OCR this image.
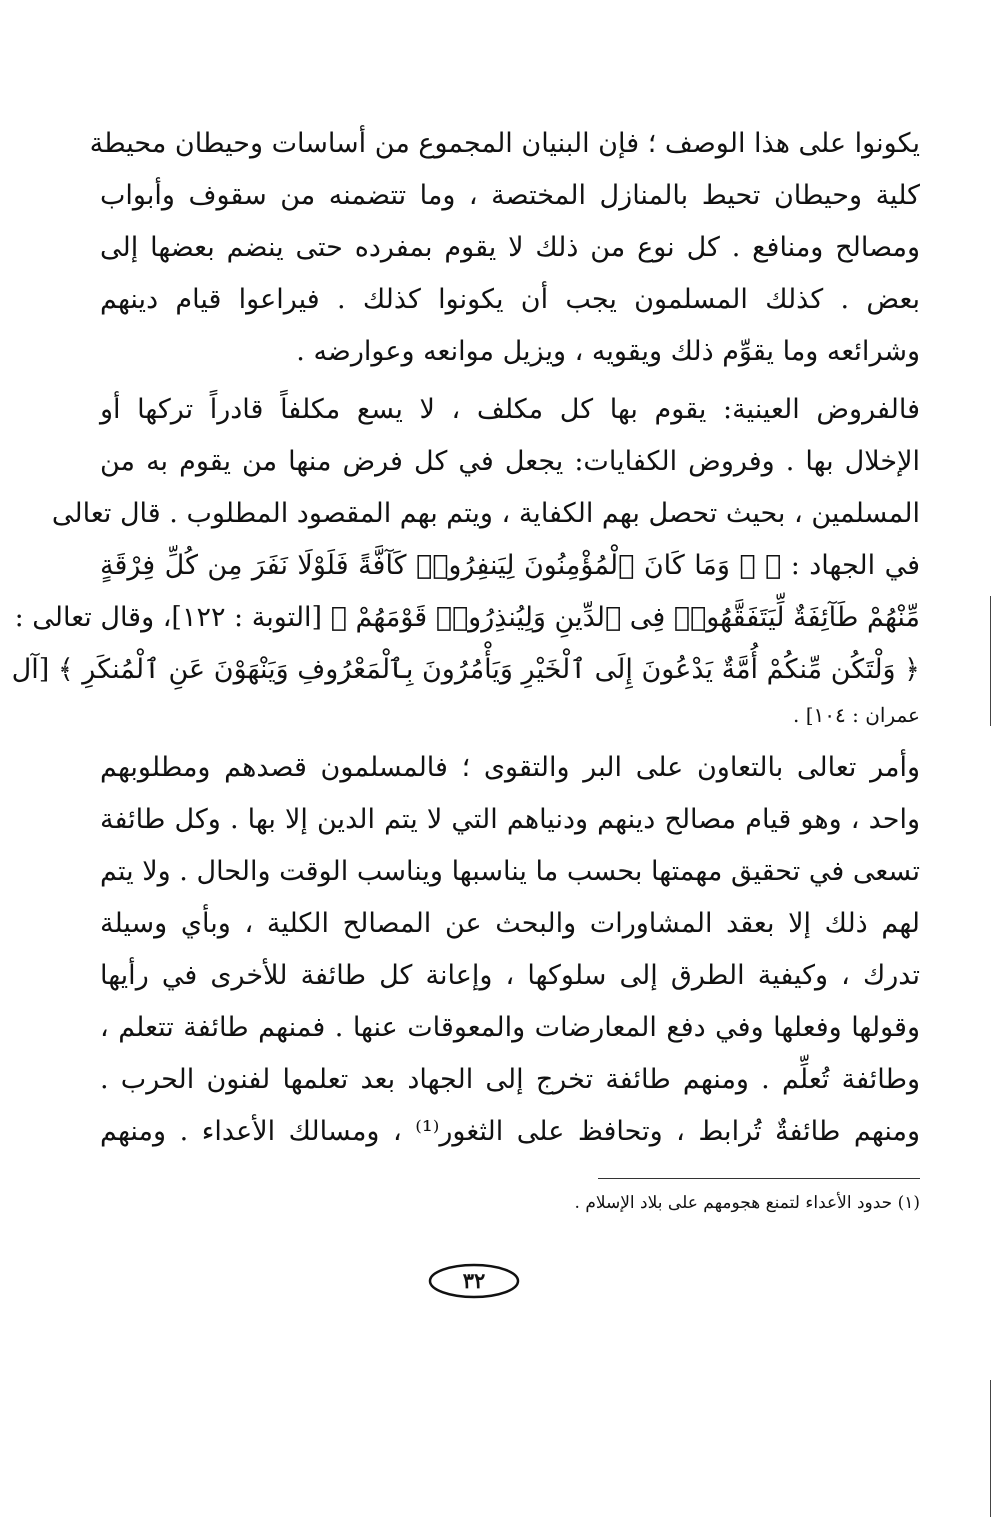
يكونوا على هذا الوصف ؛ فإن البنيان المجموع من أساسات وحيطان محيطة
كلية وحيطان تحيط بالمنازل المختصة ، وما تتضمنه من سقوف وأبواب
ومصالح ومنافع . كل نوع من ذلك لا يقوم بمفرده حتى ينضم بعضها إلى
بعض . كذلك المسلمون يجب أن يكونوا كذلك . فيراعوا قيام دينهم
وشرائعه وما يقوِّم ذلك ويقويه ، ويزيل موانعه وعوارضه .
فالفروض العينية: يقوم بها كل مكلف ، لا يسع مكلفاً قادراً تركها أو
الإخلال بها . وفروض الكفايات: يجعل في كل فرض منها من يقوم به من
المسلمين ، بحيث تحصل بهم الكفاية ، ويتم بهم المقصود المطلوب . قال تعالى
في الجهاد : ﴿ ۞ وَمَا كَانَ ٱلْمُؤْمِنُونَ لِيَنفِرُوا۟ كَآفَّةً فَلَوْلَا نَفَرَ مِن كُلِّ فِرْقَةٍ
مِّنْهُمْ طَآئِفَةٌ لِّيَتَفَقَّهُوا۟ فِى ٱلدِّينِ وَلِيُنذِرُوا۟ قَوْمَهُمْ ﴾ [التوبة : ١٢٢]، وقال تعالى :
﴿ وَلْتَكُن مِّنكُمْ أُمَّةٌ يَدْعُونَ إِلَى ٱلْخَيْرِ وَيَأْمُرُونَ بِٱلْمَعْرُوفِ وَيَنْهَوْنَ عَنِ ٱلْمُنكَرِ ﴾ [آل
عمران : ١٠٤] .
وأمر تعالى بالتعاون على البر والتقوى ؛ فالمسلمون قصدهم ومطلوبهم
واحد ، وهو قيام مصالح دينهم ودنياهم التي لا يتم الدين إلا بها . وكل طائفة
تسعى في تحقيق مهمتها بحسب ما يناسبها ويناسب الوقت والحال . ولا يتم
لهم ذلك إلا بعقد المشاورات والبحث عن المصالح الكلية ، وبأي وسيلة
تدرك ، وكيفية الطرق إلى سلوكها ، وإعانة كل طائفة للأخرى في رأيها
وقولها وفعلها وفي دفع المعارضات والمعوقات عنها . فمنهم طائفة تتعلم ،
وطائفة تُعلِّم . ومنهم طائفة تخرج إلى الجهاد بعد تعلمها لفنون الحرب .
ومنهم طائفةٌ تُرابط ، وتحافظ على الثغور⁽¹⁾ ، ومسالك الأعداء . ومنهم
(١) حدود الأعداء لتمنع هجومهم على بلاد الإسلام .
٣٢
